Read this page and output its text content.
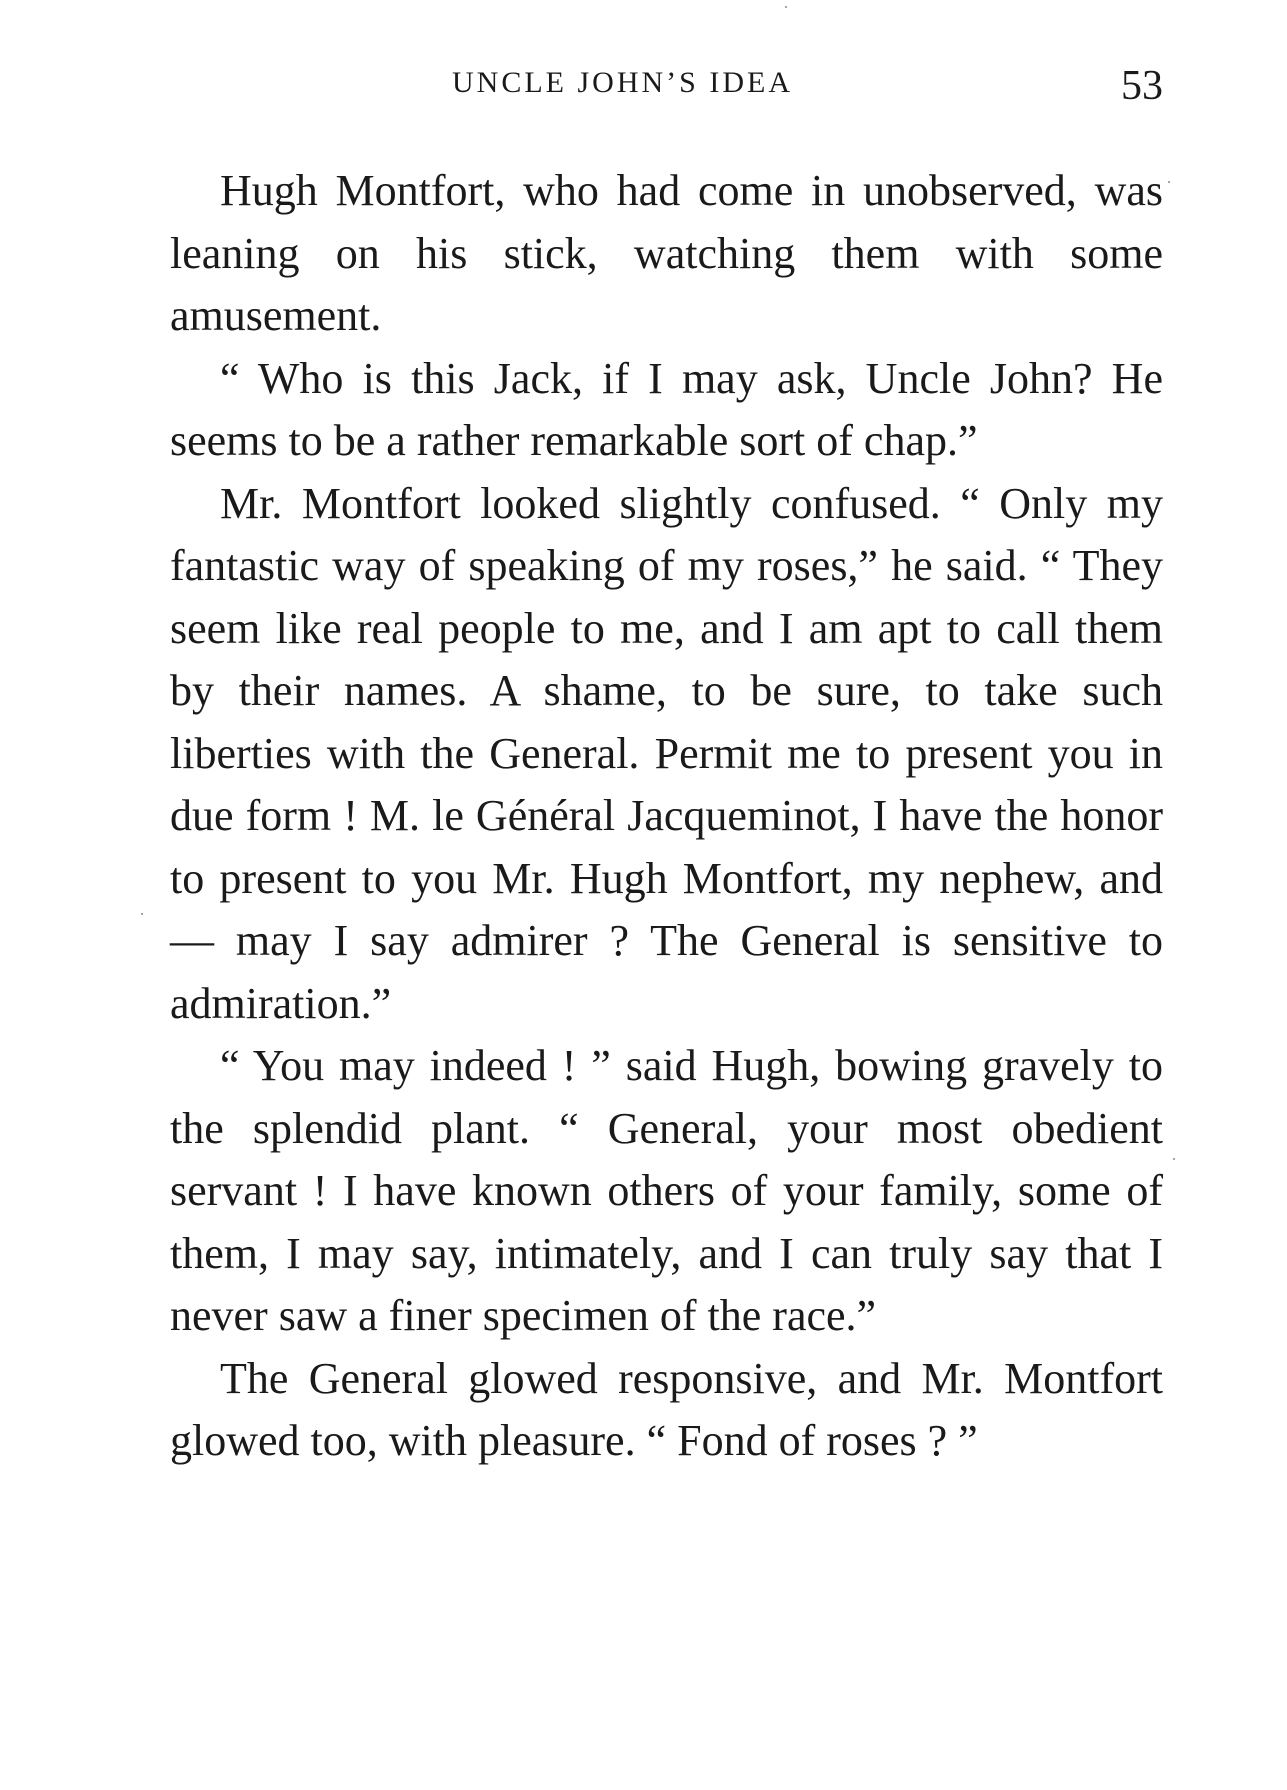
UNCLE JOHN’S IDEA	53

Hugh Montfort, who had come in unobserved, was leaning on his stick, watching them with some amusement.

“ Who is this Jack, if I may ask, Uncle John? He seems to be a rather remarkable sort of chap.”

Mr. Montfort looked slightly confused. “ Only my fantastic way of speaking of my roses,” he said. “ They seem like real people to me, and I am apt to call them by their names. A shame, to be sure, to take such liberties with the General. Permit me to present you in due form ! M. le Général Jacqueminot, I have the honor to present to you Mr. Hugh Montfort, my nephew, and — may I say admirer ? The General is sensitive to admiration.”

“ You may indeed ! ” said Hugh, bowing gravely to the splendid plant. “ General, your most obedient servant ! I have known others of your family, some of them, I may say, intimately, and I can truly say that I never saw a finer specimen of the race.”

The General glowed responsive, and Mr. Montfort glowed too, with pleasure. “ Fond of roses ? ”
